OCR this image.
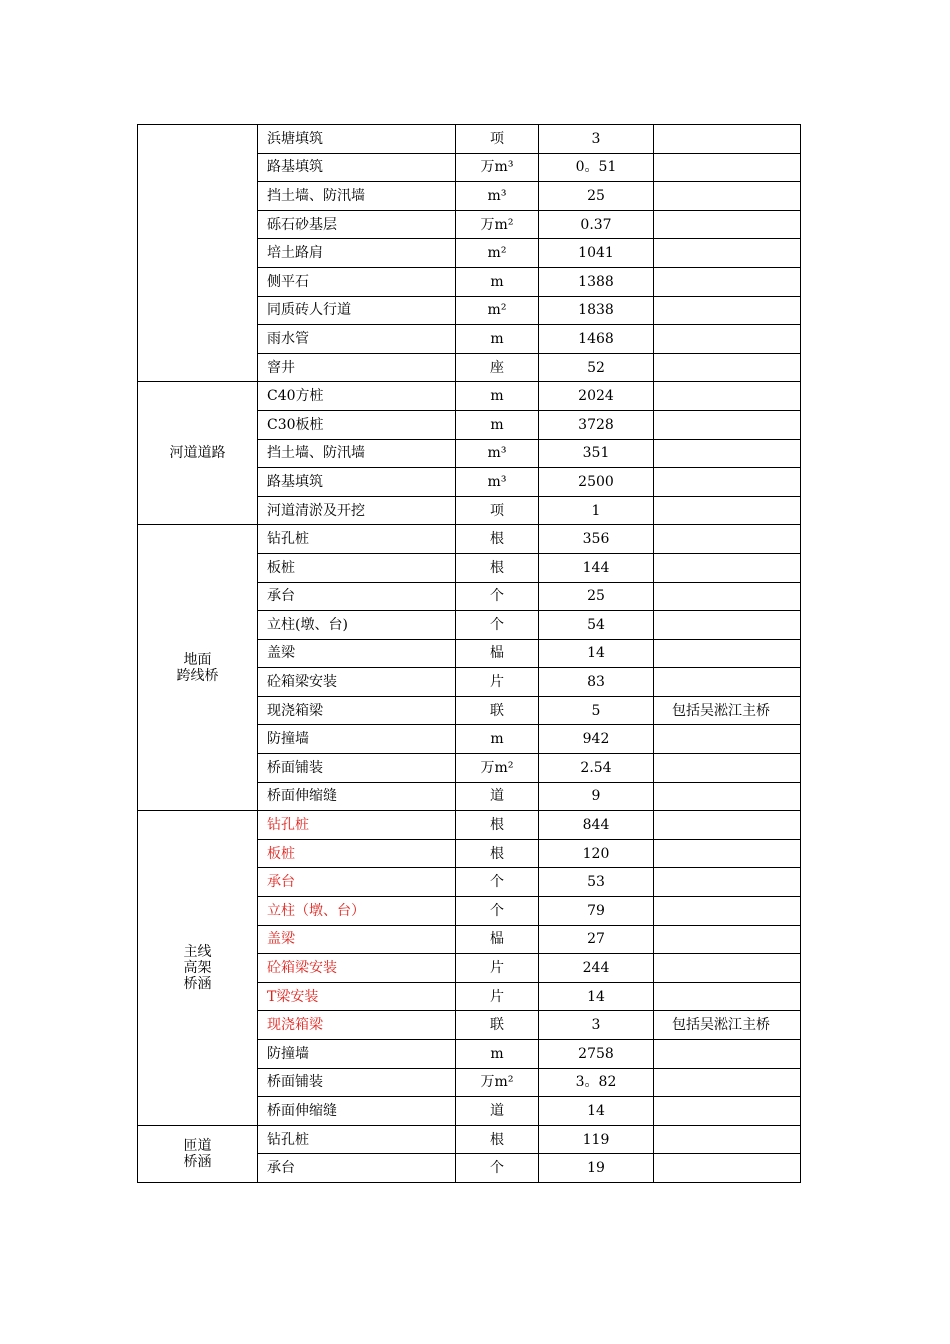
	浜塘填筑	项	3	
	路基填筑	万m³	0。51	
	挡土墙、防汛墙	m³	25	
	砾石砂基层	万m²	0.37	
	培土路肩	m²	1041	
	侧平石	m	1388	
	同质砖人行道	m²	1838	
	雨水管	m	1468	
	窨井	座	52	

河道道路	C40方桩	m	2024	
	C30板桩	m	3728	
	挡土墙、防汛墙	m³	351	
	路基填筑	m³	2500	
	河道清淤及开挖	项	1	

地面
跨线桥	钻孔桩	根	356	
	板桩	根	144	
	承台	个	25	
	立柱(墩、台)	个	54	
	盖梁	榀	14	
	砼箱梁安装	片	83	
	现浇箱梁	联	5	包括吴淞江主桥
	防撞墙	m	942	
	桥面铺装	万m²	2.54	
	桥面伸缩缝	道	9	

主线
高架
桥涵	钻孔桩	根	844	
	板桩	根	120	
	承台	个	53	
	立柱（墩、台）	个	79	
	盖梁	榀	27	
	砼箱梁安装	片	244	
	T梁安装	片	14	
	现浇箱梁	联	3	包括吴淞江主桥
	防撞墙	m	2758	
	桥面铺装	万m²	3。82	
	桥面伸缩缝	道	14	

匝道
桥涵	钻孔桩	根	119	
	承台	个	19	
